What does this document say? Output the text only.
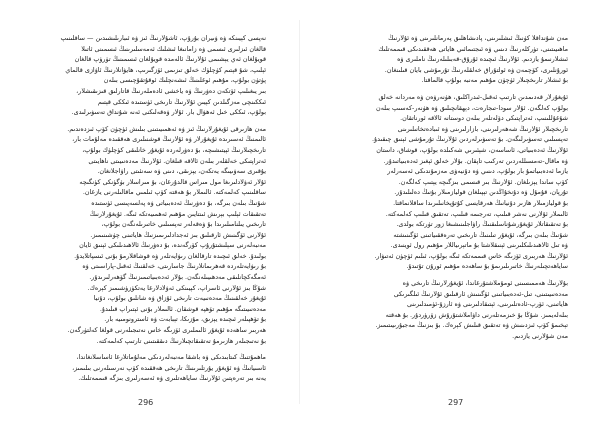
نەپسى كېيىنكە ۋە ۋىيران بۇرۇپ، ئاشۇلارنىڭ ئىز ۋە ئىبارىلىشىدىن — ساقلىنىپ
قالغان ئىزلىرى ئىسمى ۋە زامانىغا ئىشلىك ئەمەسلىرىنىڭ ئىسمىنى ئاتىلا
قويۇلغان ئەي يېشىمى ئۇلارنىڭ ئالەمدە قويۇلغان ئىسمىنىڭ تۈرۈپ قالغان
ئېلىپ، شۇ قېتىم كۈچلۈك خەلق تىزىمى ئۆزگىرىپ، ھايۋانلارنىڭ ئاۋازى قالماي
پۈتۈن بولۇپ، مۇھىم ئوغلىنىڭ ئىشەنچلىك ئوقۇتقۇچىسى بىلەن
بىر يىغىلىپ ئۆتكەن دەۋرنىڭ ۋە ياخشى ئادەملەرنىڭ قاتارلىق قىزىقىشلار،
ئىككىنچى مەزگىلدىن كېيىن ئۇلارنىڭ تارىخى ئۈستىدە ئىككى قېتىم
بولۇپ، ئىككى خىل ئەھۋال بار. ئۇلار ۋەقەلىكنى ئەنە شۇنداق تەسۋىرلىدى.
مەن ھازىرقى ئۇيغۇرلارنىڭ ئىز ۋە ئەھمىيىتىنى بىلىش ئۈچۈن كۆپ ئىزدەندىم.
ئالىمنىڭ ئەسىرىدە ئۇيغۇرلار ۋە ئۇلارنىڭ قوشنىلىرى ھەققىدە مەلۇمات بار،
تارىخچىلارنىڭ ئېيتىشىچە، بۇ دەۋرلەردە ئۇيغۇر خانلىقى كۈچلۈك بولۇپ،
ئەتراپتىكى خەلقلەر بىلەن ئالاقە قىلغان. ئۇلارنىڭ مەدەنىيىتى ناھايىتى
يۇقىرى سەۋىيىگە يەتكەن، يېزىقى، دىنى ۋە سەنئىتى راۋاجلانغان.
ئۇلار ئەۋلادلىرىغا مول مىراس قالدۇرغان، بۇ مىراسلار بۈگۈنكى كۈنگىچە
ساقلىنىپ كەلمەكتە. ئالىملار بۇ ھەقتە كۆپ ئىلمىي ماقالىلەرنى يازغان.
شۇنىڭ بىلەن بىرگە، بۇ دەۋرنىڭ ئەدەبىياتى ۋە پەلسەپىسى ئۈستىدە
تەتقىقات ئېلىپ بېرىش ئىنتايىن مۇھىم ئەھمىيەتكە ئىگە. ئۇيغۇرلارنىڭ
تارىخىي يىلنامىلىرىدا بۇ ۋەقەلەر تەپسىلىي خاتىرىلەنگەن بولۇپ،
ئۇلارنى ئۆگىنىش ئارقىلىق بىز ئەجدادلىرىمىزنىڭ ھاياتىنى چۈشىنىمىز.
مەنبەلەرنى سېلىشتۇرۇپ كۆرگەندە، بۇ دەۋرنىڭ ئالاھىدىلىكى ئېنىق ئايان
بولىدۇ. خەلق ئىچىدە تارقالغان رىۋايەتلەر ۋە قوشاقلارمۇ بۇنى ئىسپاتلايدۇ.
بۇ رىۋايەتلەردە قەھرىمانلارنىڭ جاسارىتى، خەلقنىڭ ئەقىل-پاراسىتى ۋە
ئەمگەكچانلىقى مەدھىيىلەنگەن. بۇلار ئەدەبىياتىمىزنىڭ گۆھەرلىرىدۇر.
شۇڭا بىز ئۇلارنى ئاسراپ، كېيىنكى ئەۋلادلارغا يەتكۈزۈشىمىز كېرەك.
ئۇيغۇر خەلقىنىڭ مەدەنىيەت تارىخى ئۇزاق ۋە شانلىق بولۇپ، دۇنيا
مەدەنىيىتىگە مۇھىم تۆھپە قوشقان. ئالىملار بۇنى ئېتىراپ قىلىدۇ.
بۇ تۆھپىلەر ئىچىدە يېزىق، مۇزىكا، تېبابەت ۋە ئاسترونومىيە بار.
ھەربىر ساھەدە ئۇيغۇر ئالىملىرى ئۆزىگە خاس نەتىجىلەرنى قولغا كەلتۈرگەن.
بۇ نەتىجىلەر ھازىرمۇ تەتقىقاتچىلارنىڭ دىققىتىنى تارتىپ كەلمەكتە.
ماھمۇتنىڭ كىتابىدىكى ۋە باشقا مەنبەلەردىكى مەلۇماتلارغا ئاساسلانغاندا،
ئاسىيانىڭ ۋە ئۇيغۇر يۇرتلىرىنىڭ تارىخى ھەققىدە كۆپ نەرسىلەرنى بىلىمىز،
يەنە بىر تەرەپتىن ئۇلارنىڭ ساياھەتلىرى ۋە ئەسەرلىرى بىزگە قىممەتلىك.
296
مەن شۇنداقلا كۈنىڭ ئىشلىرىنى، پادىشاھلىق پەرمانلىرىنى ۋە ئۇلارنىڭ
ماھىيىتىنى، تۈركلەرنىڭ دىنىي ۋە ئىجتىمائىي ھاياتى ھەققىدىكى قىممەتلىك
ئىشلارنىمۇ يازدىم. ئۇلارنىڭ ئىچىدە ئۇرۇق-قەبىلىلەرنىڭ ناملىرى ۋە
ئورۇنلىرى، كۆچمەن ۋە ئولتۇراق خەلقلەرنىڭ تۇرمۇشى بايان قىلىنغان.
بۇ ئىشلار تارىخچىلار ئۈچۈن مۇھىم مەنبە بولۇپ قالماقتا.
ئۇيغۇرلار قەدىمدىن تارتىپ ئەقىل-ئىدراكلىق، ھۈنەرۋەن ۋە مەردانە خەلق
بولۇپ كەلگەن. ئۇلار سودا-تىجارەت، دېھقانچىلىق ۋە ھۈنەر-كەسىپ بىلەن
شۇغۇللىنىپ، ئەتراپتىكى دۆلەتلەر بىلەن دوستانە ئالاقە ئورناتقان.
تارىخچىلار ئۇلارنىڭ شەھەرلىرىنى، بازارلىرىنى ۋە ئىبادەتخانىلىرىنى
تەپسىلىي تەسۋىرلىگەن. بۇ تەسۋىرلەردىن ئۇلارنىڭ تۇرمۇشى ئېنىق چىقىدۇ.
ئۇلارنىڭ ئەدەبىياتى، ئاساسەن، شېئىرىي شەكىلدە بولۇپ، قوشاق، داستان
ۋە ماقال-تەمسىللەردىن تەركىب تاپقان. بۇلار خەلق ئېغىز ئەدەبىياتىدۇر.
يازما ئەدەبىياتمۇ بار بولۇپ، دىنىي ۋە دۇنيەۋى مەزمۇندىكى ئەسەرلەر
كۆپ ساندا يېزىلغان. ئۇلارنىڭ بىر قىسمى بىزگىچە يېتىپ كەلگەن.
تۇرپان، قۇمۇل ۋە دۇنخۇاڭدىن تېپىلغان قوليازمىلار بۇنىڭ دەلىلىدۇر.
بۇ قوليازمىلار ھازىر دۇنيانىڭ ھەرقايسى كۇتۇپخانىلىرىدا ساقلانماقتا.
ئالىملار ئۇلارنى نەشر قىلىپ، تەرجىمە قىلىپ، تەتقىق قىلىپ كەلمەكتە.
بۇ تەتقىقاتلار ئۇيغۇرشۇناسلىقنىڭ راۋاجلىنىشىغا زور تۈرتكە بولدى.
شۇنىڭ بىلەن بىرگە، ئۇيغۇر تىلىنىڭ تارىخىي تەرەققىياتىنى ئۆگىنىشتە
ۋە تىل ئالاھىدىلىكلىرىنى ئېنىقلاشتا بۇ ماتېرىياللار مۇھىم رول ئوينىدى.
ئۇلارنىڭ ھەربىرى ئۆزىگە خاس قىممەتكە ئىگە بولۇپ، ئىلىم ئۈچۈن ئەتىۋار.
ساياھەتچىلەرنىڭ خاتىرىلىرىمۇ بۇ ساھەدە مۇھىم ئورۇن تۇتىدۇ.
بۇلارنىڭ ھەممىسىنى ئومۇملاشتۇرغاندا، ئۇيغۇرلارنىڭ تارىخى ۋە
مەدەنىيىتىنى، تىل-ئەدەبىياتىنى ئۆگىنىش ئارقىلىق ئۇلارنىڭ ئىلگىرىكى
ھاياتىنى، ئۆرپ-ئادەتلىرىنى، ئېتىقادلىرىنى ۋە ئارزۇ-ئۈمىدلىرىنى
بىلەلەيمىز. شۇڭا بۇ خىزمەتلەرنى داۋاملاشتۇرۇش زۆرۈردۇر. بۇ ھەقتە
تېخىمۇ كۆپ ئىزدىنىش ۋە تەتقىق قىلىش كېرەك. بۇ بىزنىڭ مەجبۇرىيىتىمىز.
مەن شۇلارنى يازدىم.
297
